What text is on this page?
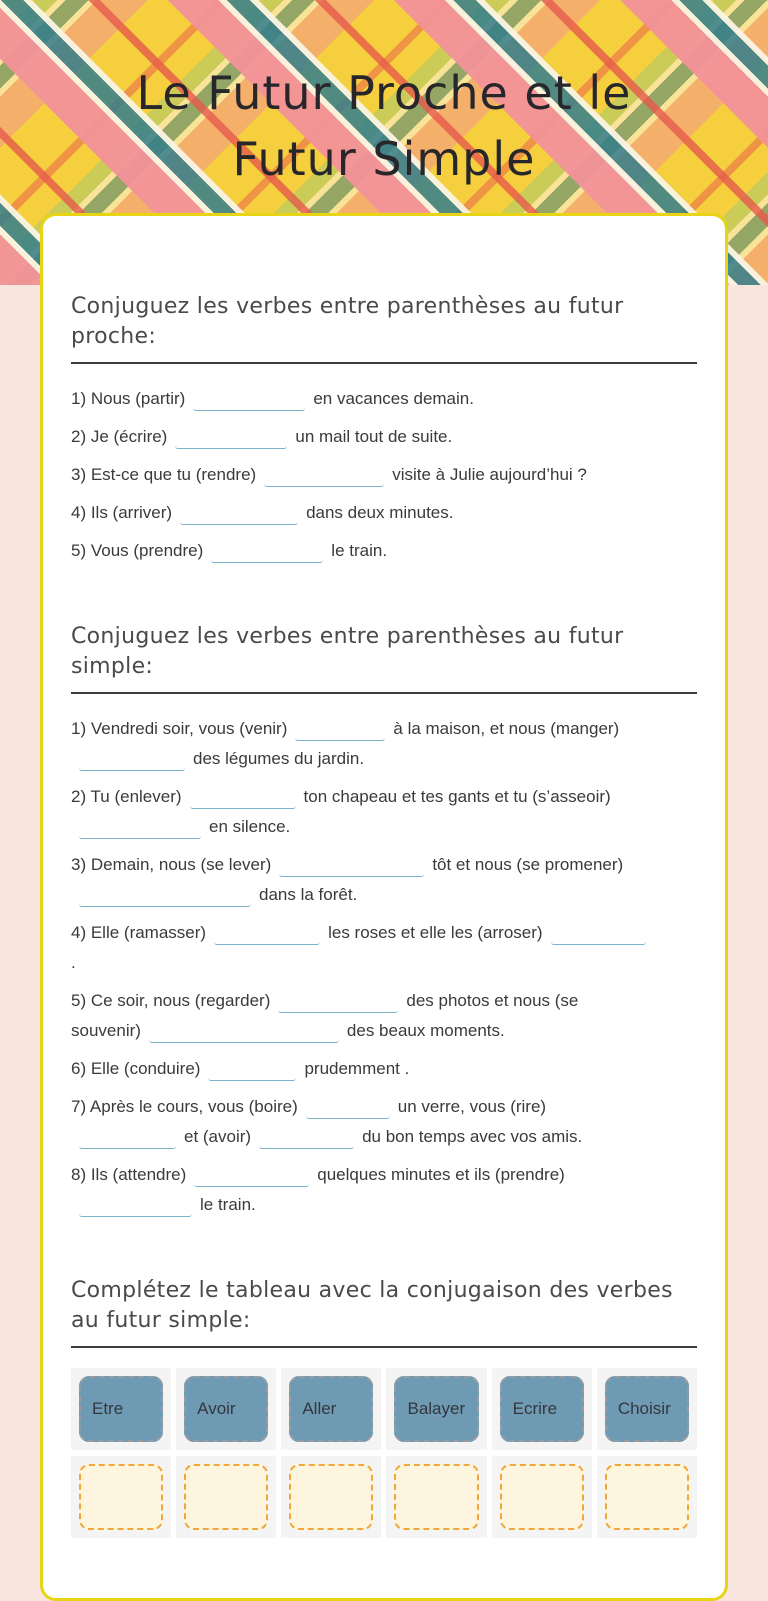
Le Futur Proche et le
Futur Simple
Conjuguez les verbes entre parenthèses au futur proche:
1) Nous (partir)	en vacances demain.
2) Je (écrire)	un mail tout de suite.
3) Est-ce que tu (rendre)	visite à Julie aujourd’hui ?
4) Ils (arriver)	dans deux minutes.
5) Vous (prendre)	le train.
Conjuguez les verbes entre parenthèses au futur simple:
1) Vendredi soir, vous (venir)	à la maison, et nous (manger)
des légumes du jardin.
2) Tu (enlever)	ton chapeau et tes gants et tu (s’asseoir)
en silence.
3) Demain, nous (se lever)	tôt et nous (se promener)
dans la forêt.
4) Elle (ramasser)	les roses et elle les (arroser)
.
5) Ce soir, nous (regarder)	des photos et nous (se
souvenir)	des beaux moments.
6) Elle (conduire)	prudemment .
7) Après le cours, vous (boire)	un verre, vous (rire)
et (avoir)	du bon temps avec vos amis.
8) Ils (attendre)	quelques minutes et ils (prendre)
le train.
Complétez le tableau avec la conjugaison des verbes au futur simple:
Etre	Avoir	Aller	Balayer	Ecrire	Choisir
